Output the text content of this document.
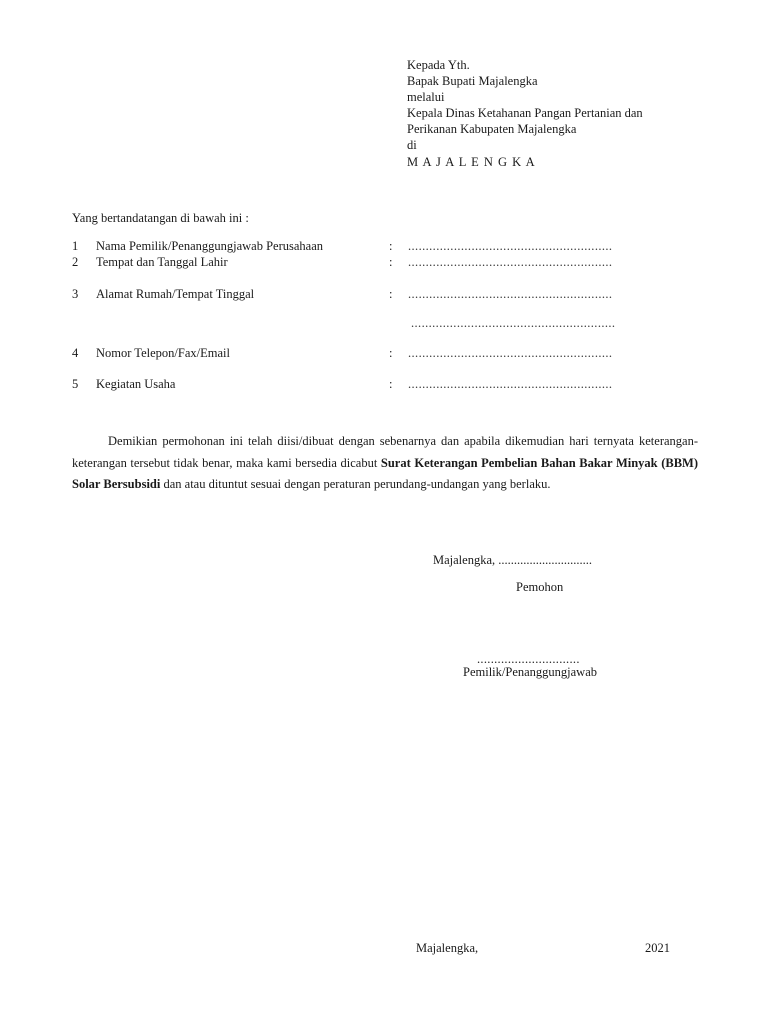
Kepada Yth.
Bapak Bupati Majalengka
melalui
Kepala Dinas Ketahanan Pangan Pertanian dan
Perikanan Kabupaten Majalengka
di
M A J A L E N G K A
Yang bertandatangan di bawah ini :
1 Nama Pemilik/Penanggungjawab Perusahaan	: ..........................................................
2 Tempat dan Tanggal Lahir	: ..........................................................
3 Alamat Rumah/Tempat Tinggal	: ..........................................................
..........................................................
4 Nomor Telepon/Fax/Email	: ..........................................................
5 Kegiatan Usaha	: ..........................................................
Demikian permohonan ini telah diisi/dibuat dengan sebenarnya dan apabila dikemudian hari ternyata keterangan-keterangan tersebut tidak benar, maka kami bersedia dicabut Surat Keterangan Pembelian Bahan Bakar Minyak (BBM) Solar Bersubsidi dan atau dituntut sesuai dengan peraturan perundang-undangan yang berlaku.
Majalengka, ..............................
Pemohon
..............................
Pemilik/Penanggungjawab
Majalengka,	2021
